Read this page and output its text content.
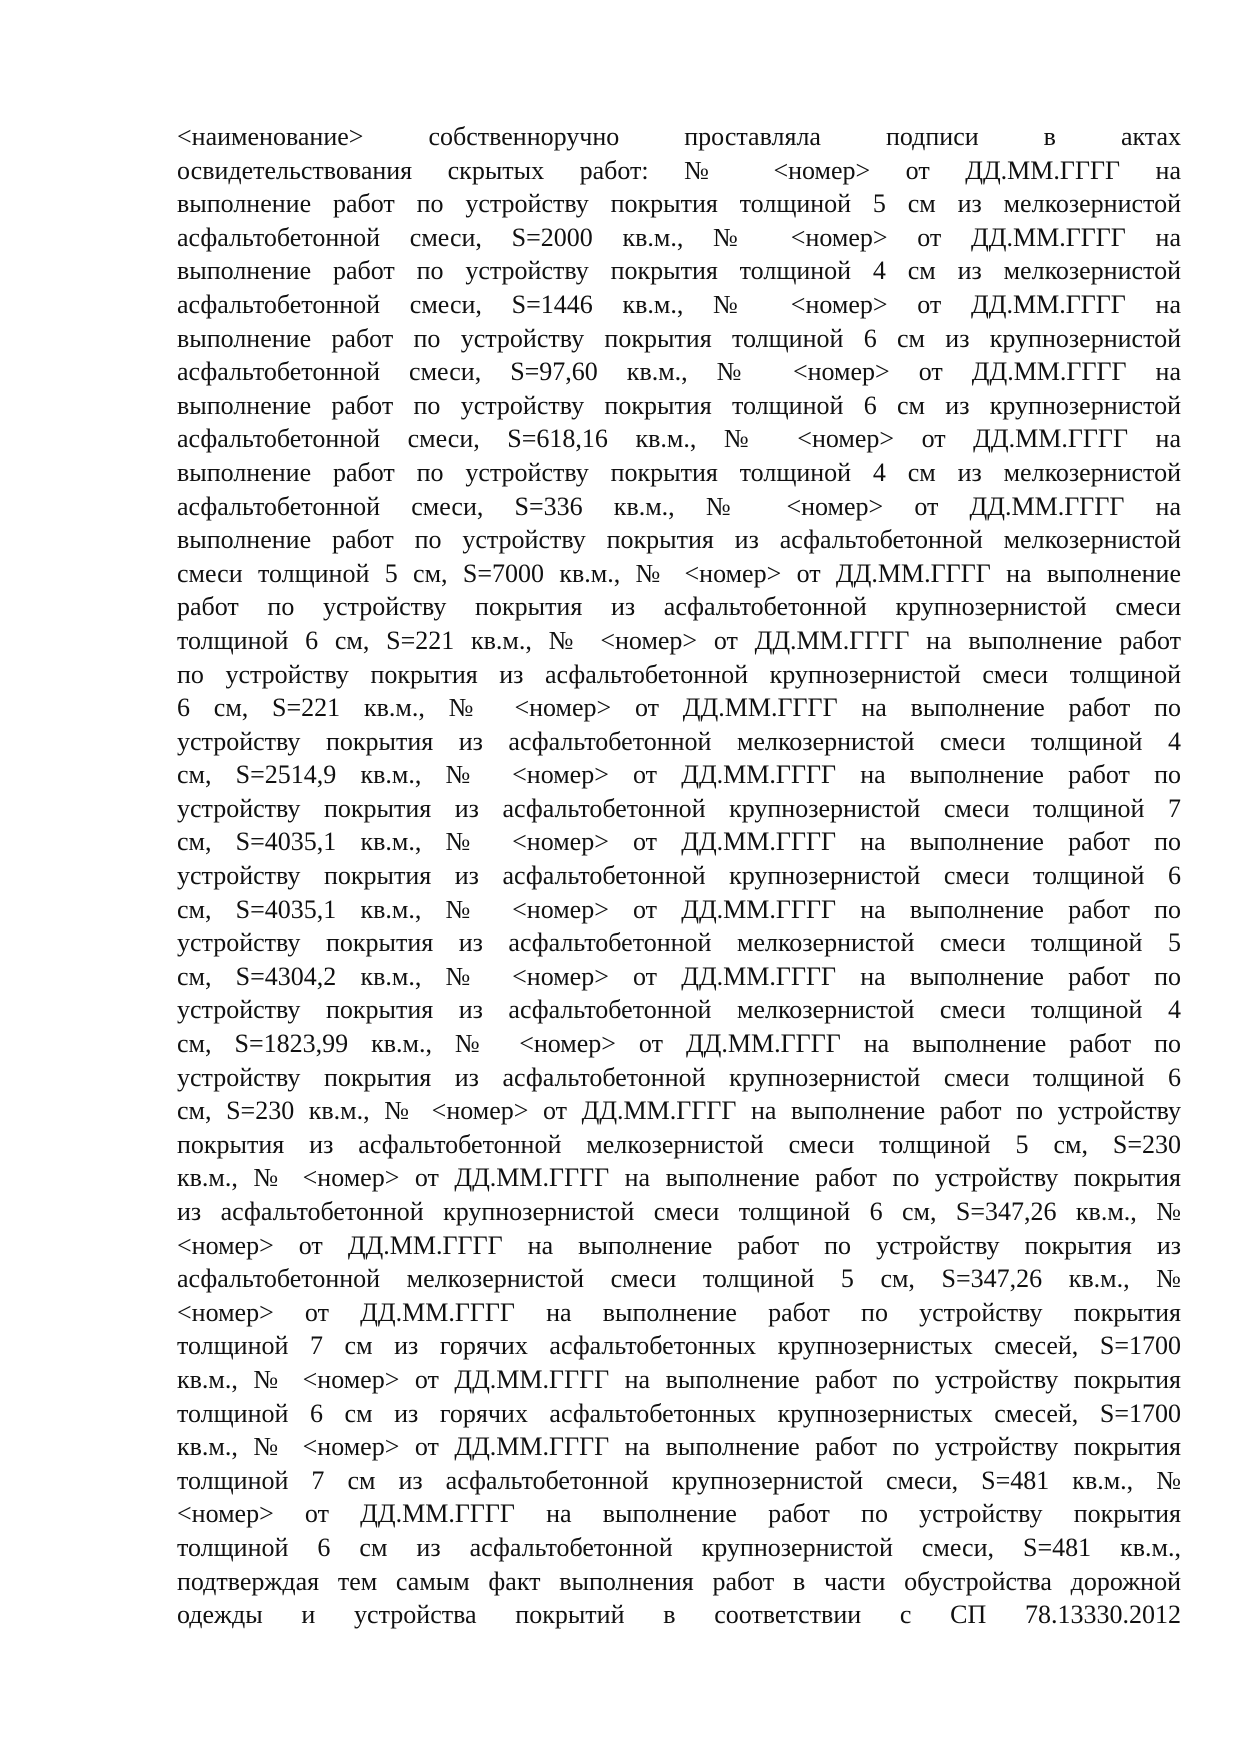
<наименование> собственноручно проставляла подписи в актах
освидетельствования скрытых работ: № <номер> от ДД.ММ.ГГГГ на
выполнение работ по устройству покрытия толщиной 5 см из мелкозернистой
асфальтобетонной смеси, S=2000 кв.м., № <номер> от ДД.ММ.ГГГГ на
выполнение работ по устройству покрытия толщиной 4 см из мелкозернистой
асфальтобетонной смеси, S=1446 кв.м., № <номер> от ДД.ММ.ГГГГ на
выполнение работ по устройству покрытия толщиной 6 см из крупнозернистой
асфальтобетонной смеси, S=97,60 кв.м., № <номер> от ДД.ММ.ГГГГ на
выполнение работ по устройству покрытия толщиной 6 см из крупнозернистой
асфальтобетонной смеси, S=618,16 кв.м., № <номер> от ДД.ММ.ГГГГ на
выполнение работ по устройству покрытия толщиной 4 см из мелкозернистой
асфальтобетонной смеси, S=336 кв.м., № <номер> от ДД.ММ.ГГГГ на
выполнение работ по устройству покрытия из асфальтобетонной мелкозернистой
смеси толщиной 5 см, S=7000 кв.м., № <номер> от ДД.ММ.ГГГГ на выполнение
работ по устройству покрытия из асфальтобетонной крупнозернистой смеси
толщиной 6 см, S=221 кв.м., № <номер> от ДД.ММ.ГГГГ на выполнение работ
по устройству покрытия из асфальтобетонной крупнозернистой смеси толщиной
6 см, S=221 кв.м., № <номер> от ДД.ММ.ГГГГ на выполнение работ по
устройству покрытия из асфальтобетонной мелкозернистой смеси толщиной 4
см, S=2514,9 кв.м., № <номер> от ДД.ММ.ГГГГ на выполнение работ по
устройству покрытия из асфальтобетонной крупнозернистой смеси толщиной 7
см, S=4035,1 кв.м., № <номер> от ДД.ММ.ГГГГ на выполнение работ по
устройству покрытия из асфальтобетонной крупнозернистой смеси толщиной 6
см, S=4035,1 кв.м., № <номер> от ДД.ММ.ГГГГ на выполнение работ по
устройству покрытия из асфальтобетонной мелкозернистой смеси толщиной 5
см, S=4304,2 кв.м., № <номер> от ДД.ММ.ГГГГ на выполнение работ по
устройству покрытия из асфальтобетонной мелкозернистой смеси толщиной 4
см, S=1823,99 кв.м., № <номер> от ДД.ММ.ГГГГ на выполнение работ по
устройству покрытия из асфальтобетонной крупнозернистой смеси толщиной 6
см, S=230 кв.м., № <номер> от ДД.ММ.ГГГГ на выполнение работ по устройству
покрытия из асфальтобетонной мелкозернистой смеси толщиной 5 см, S=230
кв.м., № <номер> от ДД.ММ.ГГГГ на выполнение работ по устройству покрытия
из асфальтобетонной крупнозернистой смеси толщиной 6 см, S=347,26 кв.м., №
<номер> от ДД.ММ.ГГГГ на выполнение работ по устройству покрытия из
асфальтобетонной мелкозернистой смеси толщиной 5 см, S=347,26 кв.м., №
<номер> от ДД.ММ.ГГГГ на выполнение работ по устройству покрытия
толщиной 7 см из горячих асфальтобетонных крупнозернистых смесей, S=1700
кв.м., № <номер> от ДД.ММ.ГГГГ на выполнение работ по устройству покрытия
толщиной 6 см из горячих асфальтобетонных крупнозернистых смесей, S=1700
кв.м., № <номер> от ДД.ММ.ГГГГ на выполнение работ по устройству покрытия
толщиной 7 см из асфальтобетонной крупнозернистой смеси, S=481 кв.м., №
<номер> от ДД.ММ.ГГГГ на выполнение работ по устройству покрытия
толщиной 6 см из асфальтобетонной крупнозернистой смеси, S=481 кв.м.,
подтверждая тем самым факт выполнения работ в части обустройства дорожной
одежды и устройства покрытий в соответствии с СП 78.13330.2012
